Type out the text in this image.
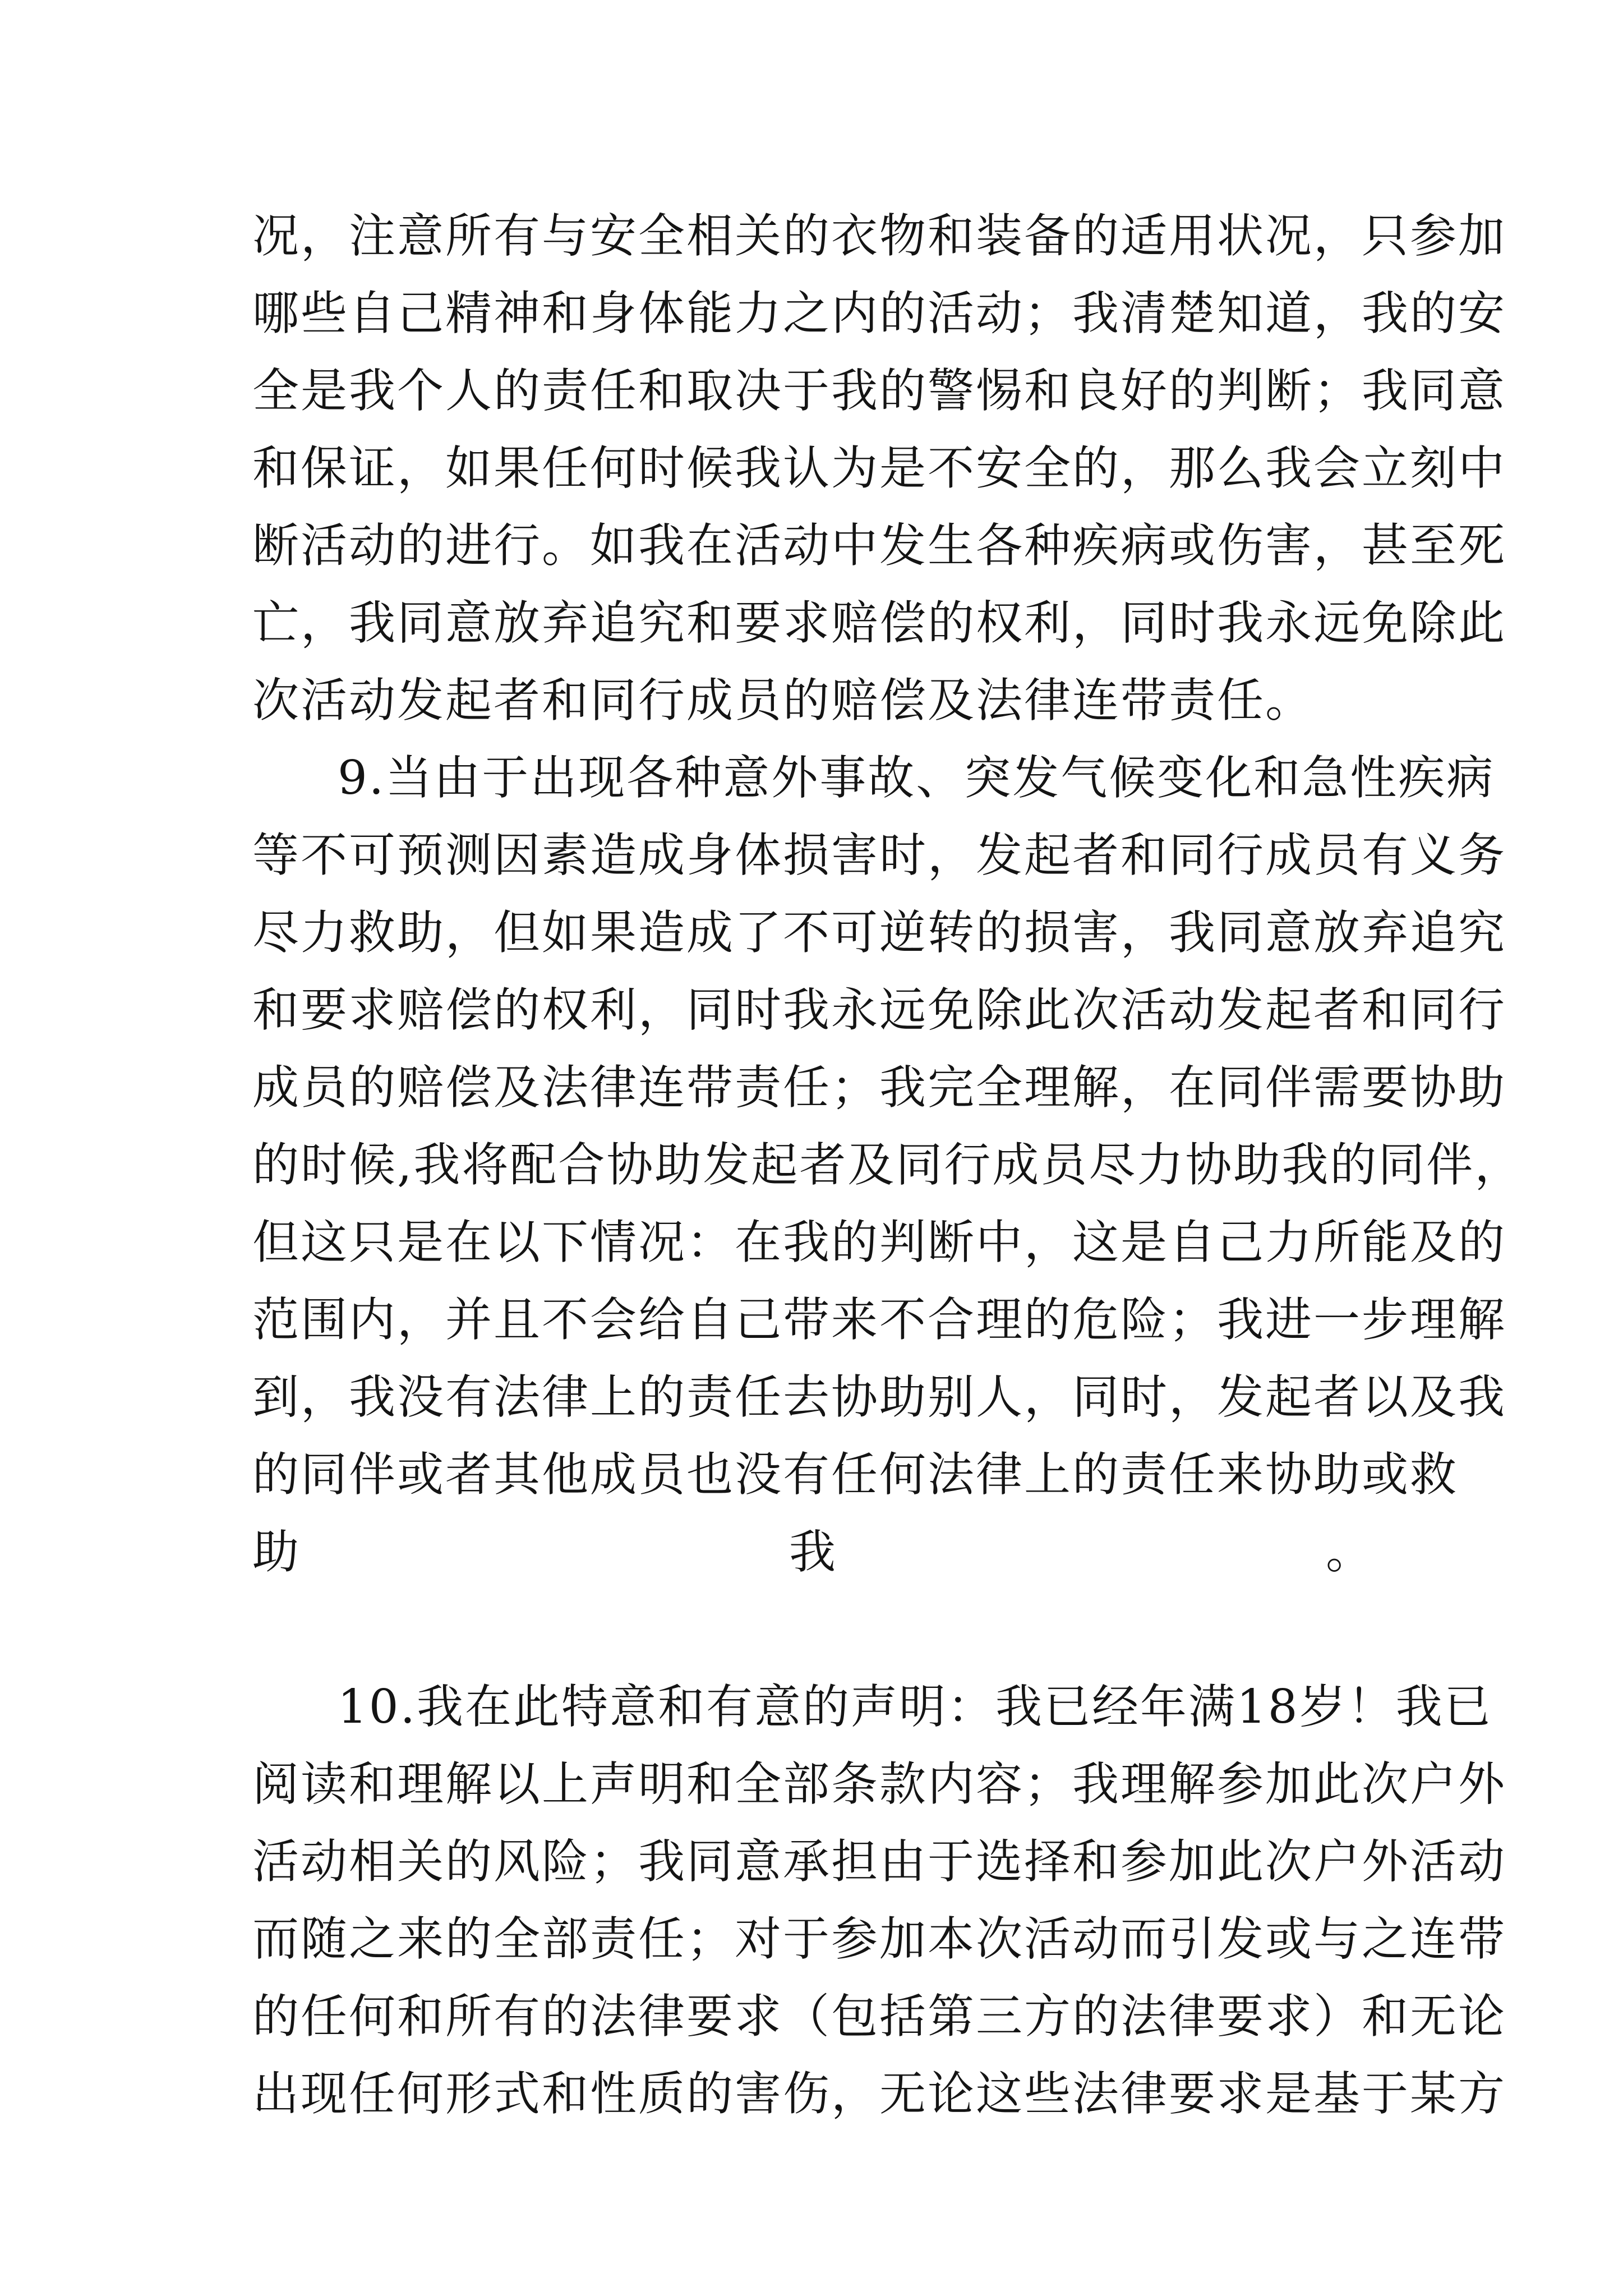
况，注意所有与安全相关的衣物和装备的适用状况，只参加
哪些自己精神和身体能力之内的活动；我清楚知道，我的安
全是我个人的责任和取决于我的警惕和良好的判断；我同意
和保证，如果任何时候我认为是不安全的，那么我会立刻中
断活动的进行。如我在活动中发生各种疾病或伤害，甚至死
亡，我同意放弃追究和要求赔偿的权利，同时我永远免除此
次活动发起者和同行成员的赔偿及法律连带责任。
9.当由于出现各种意外事故、突发气候变化和急性疾病
等不可预测因素造成身体损害时，发起者和同行成员有义务
尽力救助，但如果造成了不可逆转的损害，我同意放弃追究
和要求赔偿的权利，同时我永远免除此次活动发起者和同行
成员的赔偿及法律连带责任；我完全理解，在同伴需要协助
的时候,我将配合协助发起者及同行成员尽力协助我的同伴，
但这只是在以下情况：在我的判断中，这是自己力所能及的
范围内，并且不会给自己带来不合理的危险；我进一步理解
到，我没有法律上的责任去协助别人，同时，发起者以及我
的同伴或者其他成员也没有任何法律上的责任来协助或救
助我。
10.我在此特意和有意的声明：我已经年满18岁！我已
阅读和理解以上声明和全部条款内容；我理解参加此次户外
活动相关的风险；我同意承担由于选择和参加此次户外活动
而随之来的全部责任；对于参加本次活动而引发或与之连带
的任何和所有的法律要求（包括第三方的法律要求）和无论
出现任何形式和性质的害伤，无论这些法律要求是基于某方
